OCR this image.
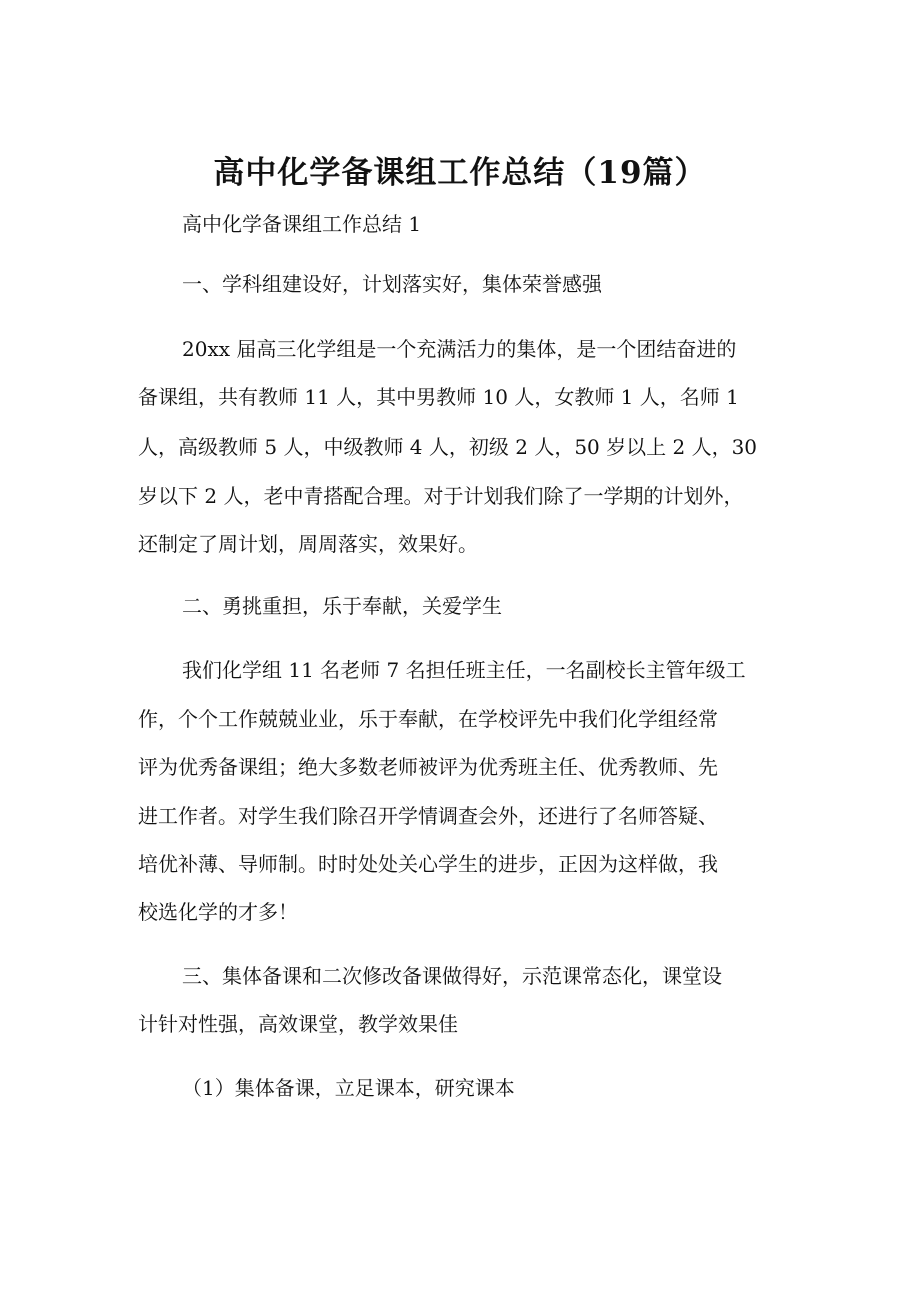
高中化学备课组工作总结（19篇）

高中化学备课组工作总结 1

一、学科组建设好，计划落实好，集体荣誉感强

20xx 届高三化学组是一个充满活力的集体，是一个团结奋进的

备课组，共有教师 11 人，其中男教师 10 人，女教师 1 人，名师 1

人，高级教师 5 人，中级教师 4 人，初级 2 人，50 岁以上 2 人，30

岁以下 2 人，老中青搭配合理。对于计划我们除了一学期的计划外，

还制定了周计划，周周落实，效果好。

二、勇挑重担，乐于奉献，关爱学生

我们化学组 11 名老师 7 名担任班主任，一名副校长主管年级工

作，个个工作兢兢业业，乐于奉献，在学校评先中我们化学组经常

评为优秀备课组；绝大多数老师被评为优秀班主任、优秀教师、先

进工作者。对学生我们除召开学情调查会外，还进行了名师答疑、

培优补薄、导师制。时时处处关心学生的进步，正因为这样做，我

校选化学的才多！

三、集体备课和二次修改备课做得好，示范课常态化，课堂设

计针对性强，高效课堂，教学效果佳

（1）集体备课，立足课本，研究课本
